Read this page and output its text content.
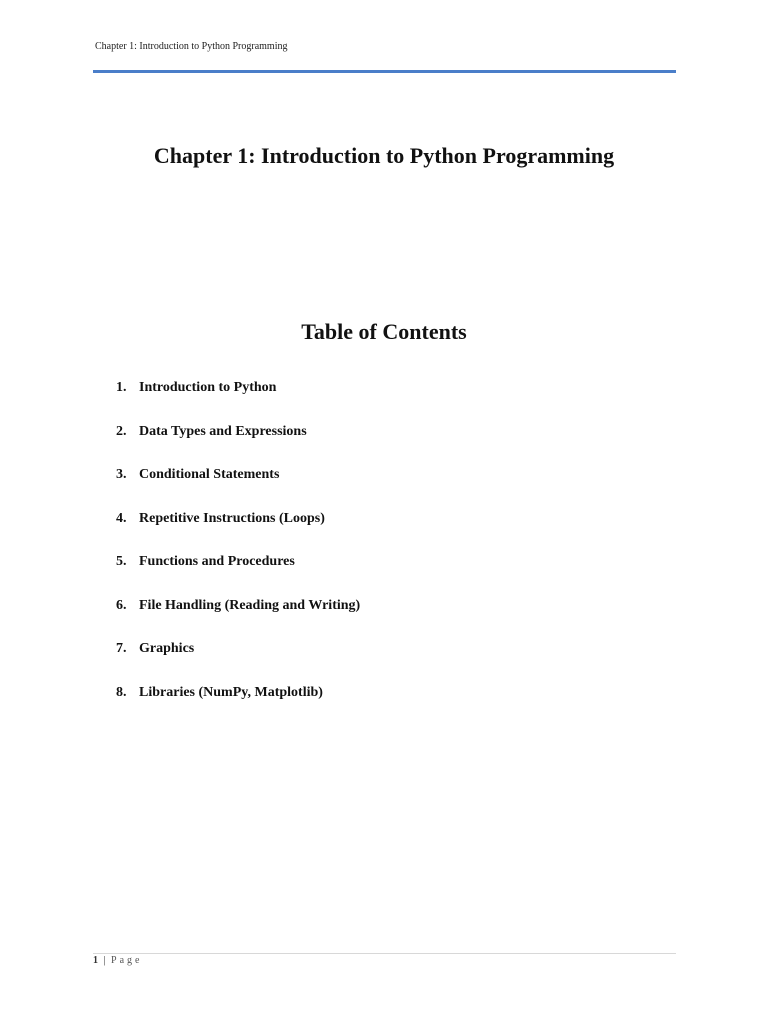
Chapter 1: Introduction to Python Programming
Chapter 1: Introduction to Python Programming
Table of Contents
1. Introduction to Python
2. Data Types and Expressions
3. Conditional Statements
4. Repetitive Instructions (Loops)
5. Functions and Procedures
6. File Handling (Reading and Writing)
7. Graphics
8. Libraries (NumPy, Matplotlib)
1 | Page
